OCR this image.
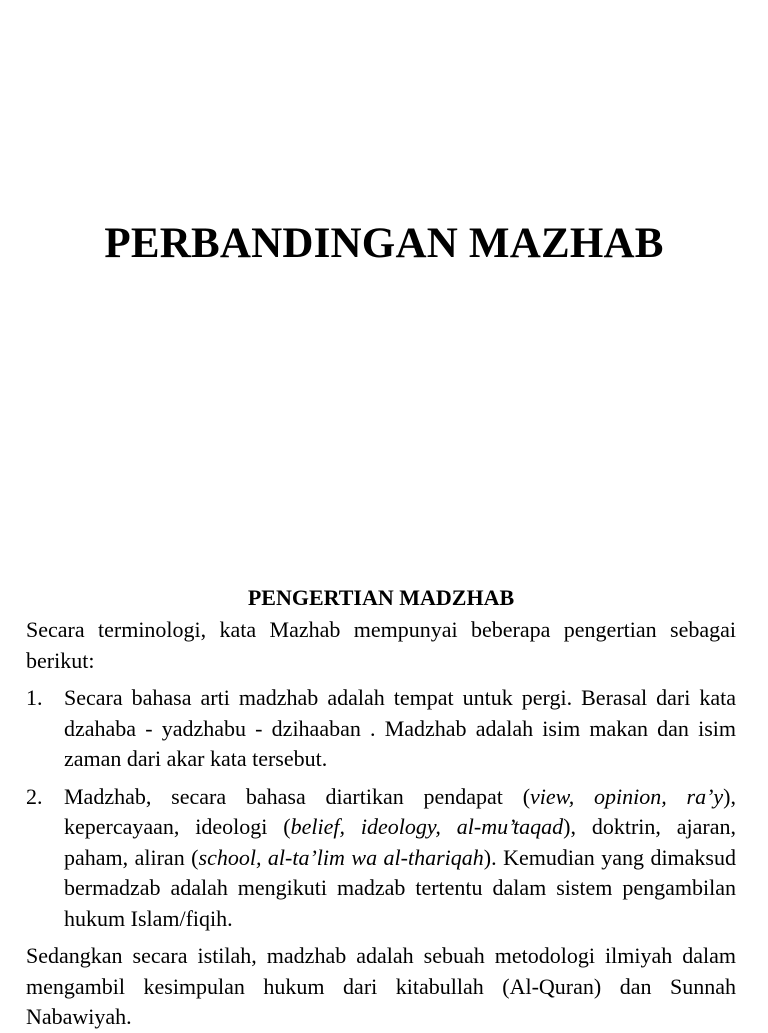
PERBANDINGAN MAZHAB
PENGERTIAN MADZHAB

Secara terminologi, kata Mazhab mempunyai beberapa pengertian sebagai berikut:

1. Secara bahasa arti madzhab adalah tempat untuk pergi. Berasal dari kata dzahaba - yadzhabu - dzihaaban . Madzhab adalah isim makan dan isim zaman dari akar kata tersebut.
2. Madzhab, secara bahasa diartikan pendapat (view, opinion, ra’y), kepercayaan, ideologi (belief, ideology, al-mu’taqad), doktrin, ajaran, paham, aliran (school, al-ta’lim wa al-thariqah). Kemudian yang dimaksud bermadzab adalah mengikuti madzab tertentu dalam sistem pengambilan hukum Islam/fiqih.

Sedangkan secara istilah, madzhab adalah sebuah metodologi ilmiyah dalam mengambil kesimpulan hukum dari kitabullah (Al-Quran) dan Sunnah Nabawiyah.
